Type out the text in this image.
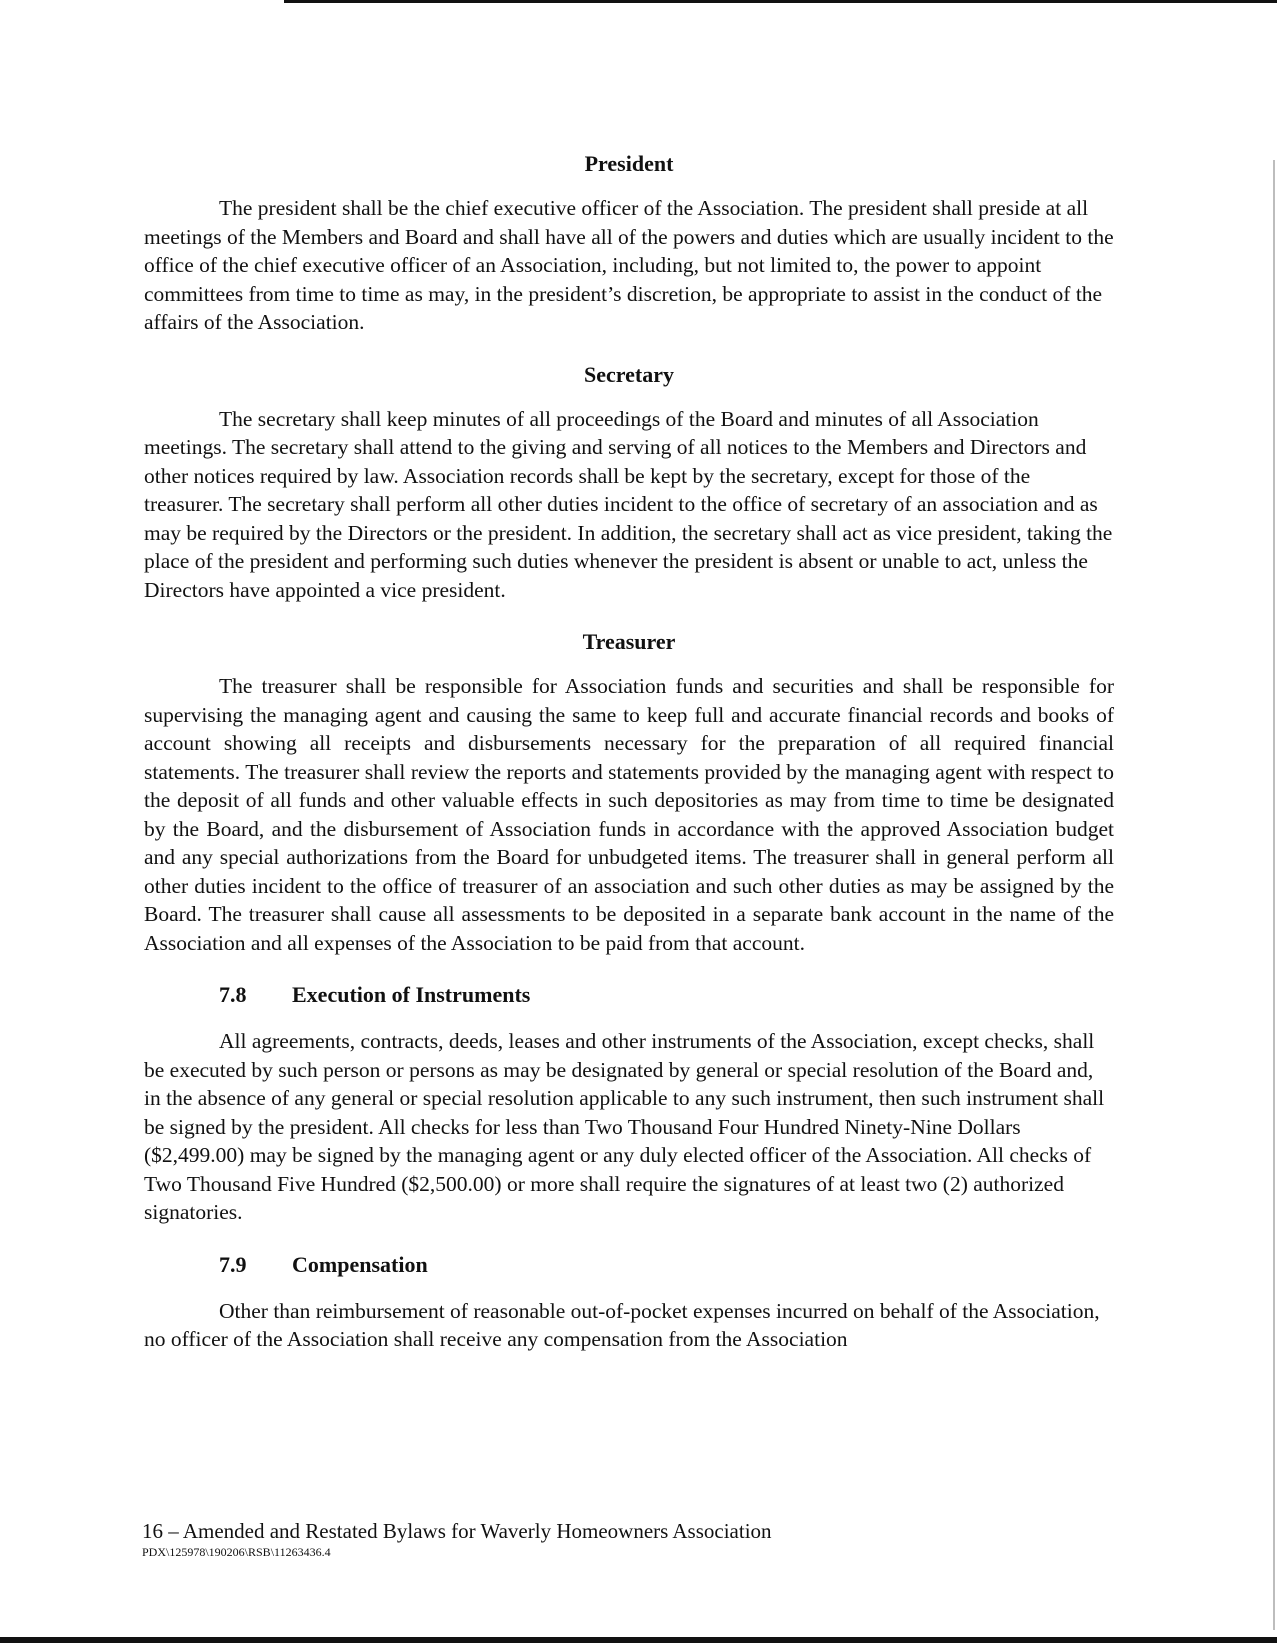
President

The president shall be the chief executive officer of the Association. The president shall preside at all meetings of the Members and Board and shall have all of the powers and duties which are usually incident to the office of the chief executive officer of an Association, including, but not limited to, the power to appoint committees from time to time as may, in the president’s discretion, be appropriate to assist in the conduct of the affairs of the Association.

Secretary

The secretary shall keep minutes of all proceedings of the Board and minutes of all Association meetings. The secretary shall attend to the giving and serving of all notices to the Members and Directors and other notices required by law. Association records shall be kept by the secretary, except for those of the treasurer. The secretary shall perform all other duties incident to the office of secretary of an association and as may be required by the Directors or the president. In addition, the secretary shall act as vice president, taking the place of the president and performing such duties whenever the president is absent or unable to act, unless the Directors have appointed a vice president.

Treasurer

The treasurer shall be responsible for Association funds and securities and shall be responsible for supervising the managing agent and causing the same to keep full and accurate financial records and books of account showing all receipts and disbursements necessary for the preparation of all required financial statements. The treasurer shall review the reports and statements provided by the managing agent with respect to the deposit of all funds and other valuable effects in such depositories as may from time to time be designated by the Board, and the disbursement of Association funds in accordance with the approved Association budget and any special authorizations from the Board for unbudgeted items. The treasurer shall in general perform all other duties incident to the office of treasurer of an association and such other duties as may be assigned by the Board. The treasurer shall cause all assessments to be deposited in a separate bank account in the name of the Association and all expenses of the Association to be paid from that account.

7.8 Execution of Instruments

All agreements, contracts, deeds, leases and other instruments of the Association, except checks, shall be executed by such person or persons as may be designated by general or special resolution of the Board and, in the absence of any general or special resolution applicable to any such instrument, then such instrument shall be signed by the president. All checks for less than Two Thousand Four Hundred Ninety-Nine Dollars ($2,499.00) may be signed by the managing agent or any duly elected officer of the Association. All checks of Two Thousand Five Hundred ($2,500.00) or more shall require the signatures of at least two (2) authorized signatories.

7.9 Compensation

Other than reimbursement of reasonable out-of-pocket expenses incurred on behalf of the Association, no officer of the Association shall receive any compensation from the Association

16 – Amended and Restated Bylaws for Waverly Homeowners Association

PDX\125978\190206\RSB\11263436.4
